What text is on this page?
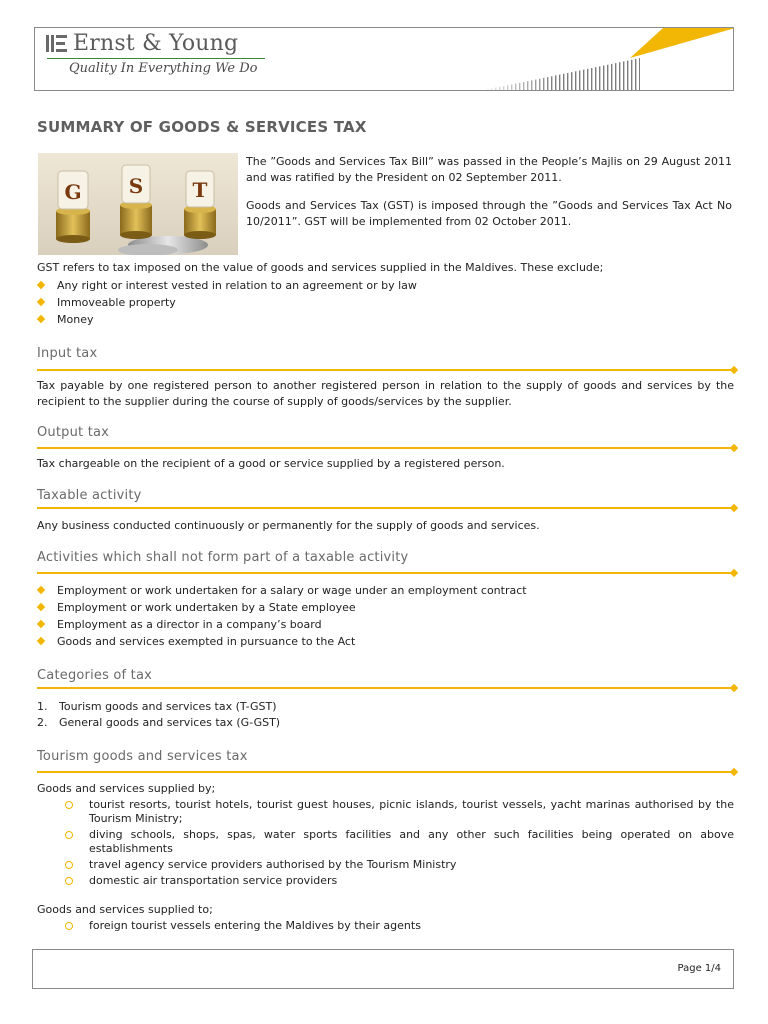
Ernst & Young
Quality In Everything We Do
SUMMARY OF GOODS & SERVICES TAX
G S T

The ”Goods and Services Tax Bill” was passed in the People’s Majlis on 29 August 2011 and was ratified by the President on 02 September 2011.

Goods and Services Tax (GST) is imposed through the ”Goods and Services Tax Act No 10/2011”. GST will be implemented from 02 October 2011.

GST refers to tax imposed on the value of goods and services supplied in the Maldives. These exclude;

Any right or interest vested in relation to an agreement or by law
Immoveable property
Money
Input tax

Tax payable by one registered person to another registered person in relation to the supply of goods and services by the recipient to the supplier during the course of supply of goods/services by the supplier.

Output tax

Tax chargeable on the recipient of a good or service supplied by a registered person.

Taxable activity

Any business conducted continuously or permanently for the supply of goods and services.

Activities which shall not form part of a taxable activity
Employment or work undertaken for a salary or wage under an employment contract
Employment or work undertaken by a State employee
Employment as a director in a company’s board
Goods and services exempted in pursuance to the Act
Categories of tax
1. Tourism goods and services tax (T-GST)
2. General goods and services tax (G-GST)
Tourism goods and services tax

Goods and services supplied by;

tourist resorts, tourist hotels, tourist guest houses, picnic islands, tourist vessels, yacht marinas authorised by the Tourism Ministry;
diving schools, shops, spas, water sports facilities and any other such facilities being operated on above establishments
travel agency service providers authorised by the Tourism Ministry
domestic air transportation service providers

Goods and services supplied to;

foreign tourist vessels entering the Maldives by their agents
Page 1/4
